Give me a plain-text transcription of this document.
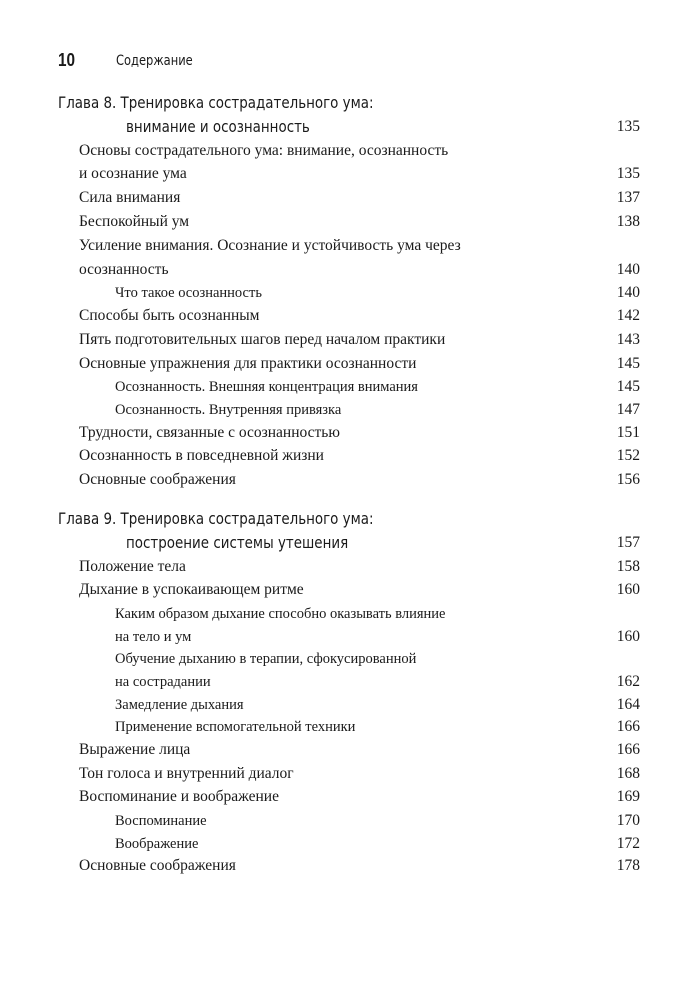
10	Содержание
Глава 8. Тренировка сострадательного ума:
внимание и осознанность	135
Основы сострадательного ума: внимание, осознанность
и осознание ума	135
Сила внимания	137
Беспокойный ум	138
Усиление внимания. Осознание и устойчивость ума через
осознанность	140
Что такое осознанность	140
Способы быть осознанным	142
Пять подготовительных шагов перед началом практики	143
Основные упражнения для практики осознанности	145
Осознанность. Внешняя концентрация внимания	145
Осознанность. Внутренняя привязка	147
Трудности, связанные с осознанностью	151
Осознанность в повседневной жизни	152
Основные соображения	156
Глава 9. Тренировка сострадательного ума:
построение системы утешения	157
Положение тела	158
Дыхание в успокаивающем ритме	160
Каким образом дыхание способно оказывать влияние
на тело и ум	160
Обучение дыханию в терапии, сфокусированной
на сострадании	162
Замедление дыхания	164
Применение вспомогательной техники	166
Выражение лица	166
Тон голоса и внутренний диалог	168
Воспоминание и воображение	169
Воспоминание	170
Воображение	172
Основные соображения	178
